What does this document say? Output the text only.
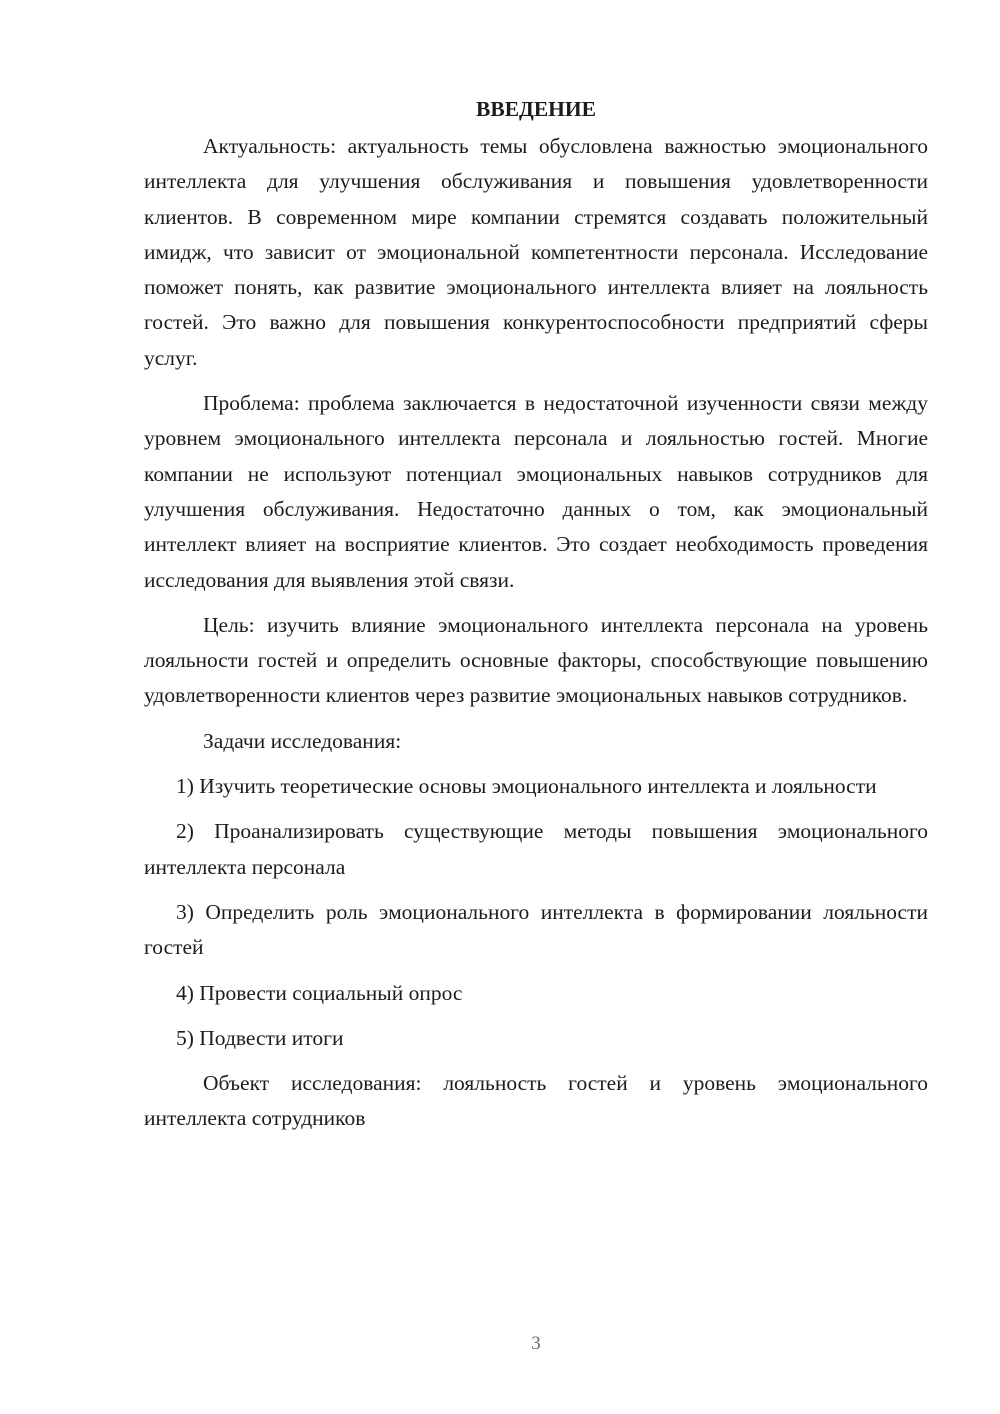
ВВЕДЕНИЕ

Актуальность: актуальность темы обусловлена важностью эмоционального интеллекта для улучшения обслуживания и повышения удовлетворенности клиентов. В современном мире компании стремятся создавать положительный имидж, что зависит от эмоциональной компетентности персонала. Исследование поможет понять, как развитие эмоционального интеллекта влияет на лояльность гостей. Это важно для повышения конкурентоспособности предприятий сферы услуг.

Проблема: проблема заключается в недостаточной изученности связи между уровнем эмоционального интеллекта персонала и лояльностью гостей. Многие компании не используют потенциал эмоциональных навыков сотрудников для улучшения обслуживания. Недостаточно данных о том, как эмоциональный интеллект влияет на восприятие клиентов. Это создает необходимость проведения исследования для выявления этой связи.

Цель: изучить влияние эмоционального интеллекта персонала на уровень лояльности гостей и определить основные факторы, способствующие повышению удовлетворенности клиентов через развитие эмоциональных навыков сотрудников.

Задачи исследования:

1) Изучить теоретические основы эмоционального интеллекта и лояльности

2) Проанализировать существующие методы повышения эмоционального интеллекта персонала

3) Определить роль эмоционального интеллекта в формировании лояльности гостей

4) Провести социальный опрос

5) Подвести итоги

Объект исследования: лояльность гостей и уровень эмоционального интеллекта сотрудников

3
